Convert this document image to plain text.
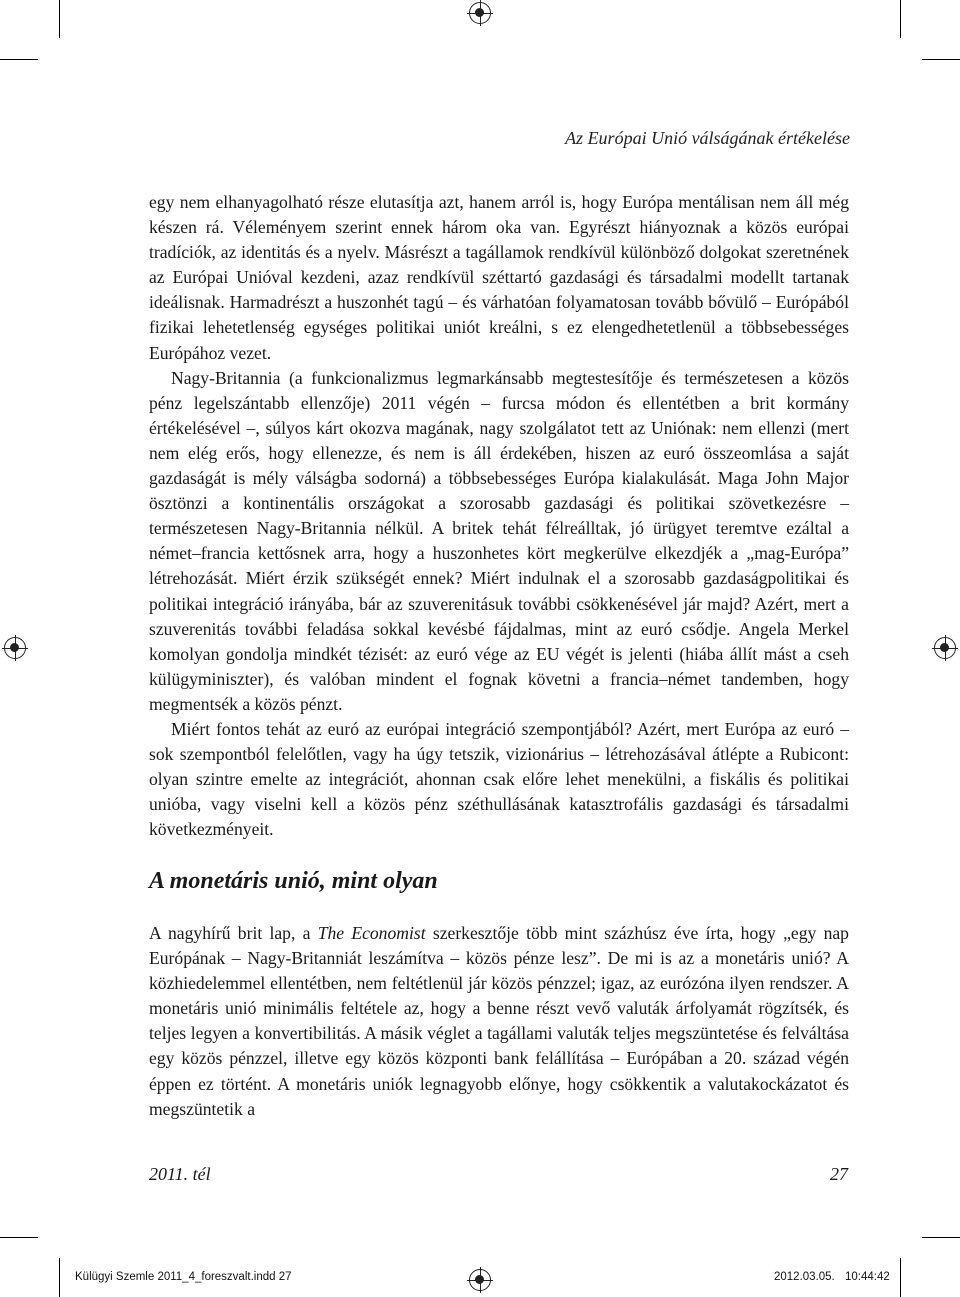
Az Európai Unió válságának értékelése

egy nem elhanyagolható része elutasítja azt, hanem arról is, hogy Európa mentálisan nem áll még készen rá. Véleményem szerint ennek három oka van. Egyrészt hiányoznak a közös európai tradíciók, az identitás és a nyelv. Másrészt a tagállamok rendkívül különböző dolgokat szeretnének az Európai Unióval kezdeni, azaz rendkívül széttartó gazdasági és társadalmi modellt tartanak ideálisnak. Harmadrészt a huszonhét tagú – és várhatóan folyamatosan tovább bővülő – Európából fizikai lehetetlenség egységes politikai uniót kreálni, s ez elengedhetetlenül a többsebességes Európához vezet.

Nagy-Britannia (a funkcionalizmus legmarkánsabb megtestesítője és természetesen a közös pénz legelszántabb ellenzője) 2011 végén – furcsa módon és ellentétben a brit kormány értékelésével –, súlyos kárt okozva magának, nagy szolgálatot tett az Uniónak: nem ellenzi (mert nem elég erős, hogy ellenezze, és nem is áll érdekében, hiszen az euró összeomlása a saját gazdaságát is mély válságba sodorná) a többsebességes Európa kialakulását. Maga John Major ösztönzi a kontinentális országokat a szorosabb gazdasági és politikai szövetkezésre – természetesen Nagy-Britannia nélkül. A britek tehát félreálltak, jó ürügyet teremtve ezáltal a német–francia kettősnek arra, hogy a huszonhetes kört megkerülve elkezdjék a „mag-Európa” létrehozását. Miért érzik szükségét ennek? Miért indulnak el a szorosabb gazdaságpolitikai és politikai integráció irányába, bár az szuverenitásuk további csökkenésével jár majd? Azért, mert a szuverenitás további feladása sokkal kevésbé fájdalmas, mint az euró csődje. Angela Merkel komolyan gondolja mindkét tézisét: az euró vége az EU végét is jelenti (hiába állít mást a cseh külügyminiszter), és valóban mindent el fognak követni a francia–német tandemben, hogy megmentsék a közös pénzt.

Miért fontos tehát az euró az európai integráció szempontjából? Azért, mert Európa az euró – sok szempontból felelőtlen, vagy ha úgy tetszik, vizionárius – létrehozásával átlépte a Rubicont: olyan szintre emelte az integrációt, ahonnan csak előre lehet menekülni, a fiskális és politikai unióba, vagy viselni kell a közös pénz széthullásának katasztrofális gazdasági és társadalmi következményeit.

A monetáris unió, mint olyan

A nagyhírű brit lap, a The Economist szerkesztője több mint százhúsz éve írta, hogy „egy nap Európának – Nagy-Britanniát leszámítva – közös pénze lesz”. De mi is az a monetáris unió? A közhiedelemmel ellentétben, nem feltétlenül jár közös pénzzel; igaz, az eurózóna ilyen rendszer. A monetáris unió minimális feltétele az, hogy a benne részt vevő valuták árfolyamát rögzítsék, és teljes legyen a konvertibilitás. A másik véglet a tagállami valuták teljes megszüntetése és felváltása egy közös pénzzel, illetve egy közös központi bank felállítása – Európában a 20. század végén éppen ez történt. A monetáris uniók legnagyobb előnye, hogy csökkentik a valutakockázatot és megszüntetik a

2011. tél	27
Külügyi Szemle 2011_4_foreszvalt.indd 27	2012.03.05. 10:44:42
